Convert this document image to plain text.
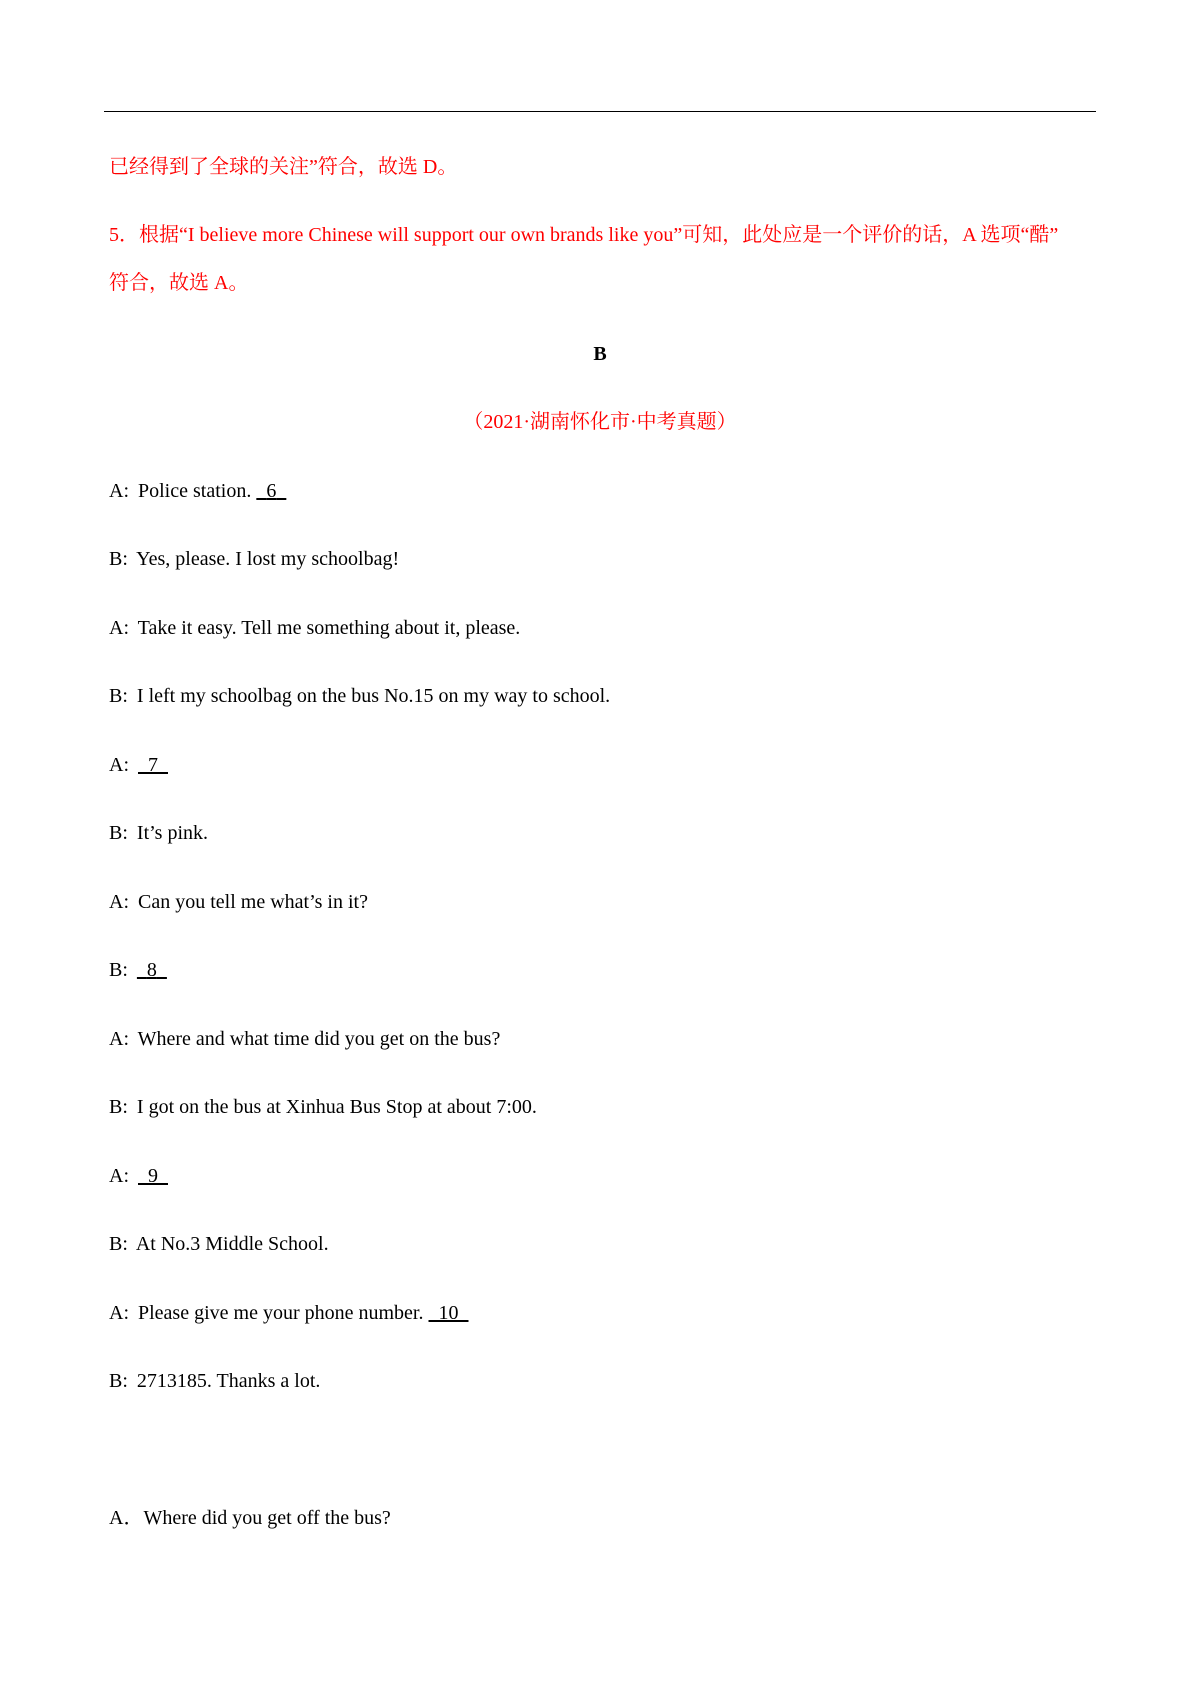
已经得到了全球的关注”符合，故选 D。
5．根据“I believe more Chinese will support our own brands like you”可知，此处应是一个评价的话，A 选项“酷”
符合，故选 A。
B
（2021·湖南怀化市·中考真题）
A: Police station. 6
B: Yes, please. I lost my schoolbag!
A: Take it easy. Tell me something about it, please.
B: I left my schoolbag on the bus No.15 on my way to school.
A: 7
B: It’s pink.
A: Can you tell me what’s in it?
B: 8
A: Where and what time did you get on the bus?
B: I got on the bus at Xinhua Bus Stop at about 7:00.
A: 9
B: At No.3 Middle School.
A: Please give me your phone number. 10
B: 2713185. Thanks a lot.
A．Where did you get off the bus?
